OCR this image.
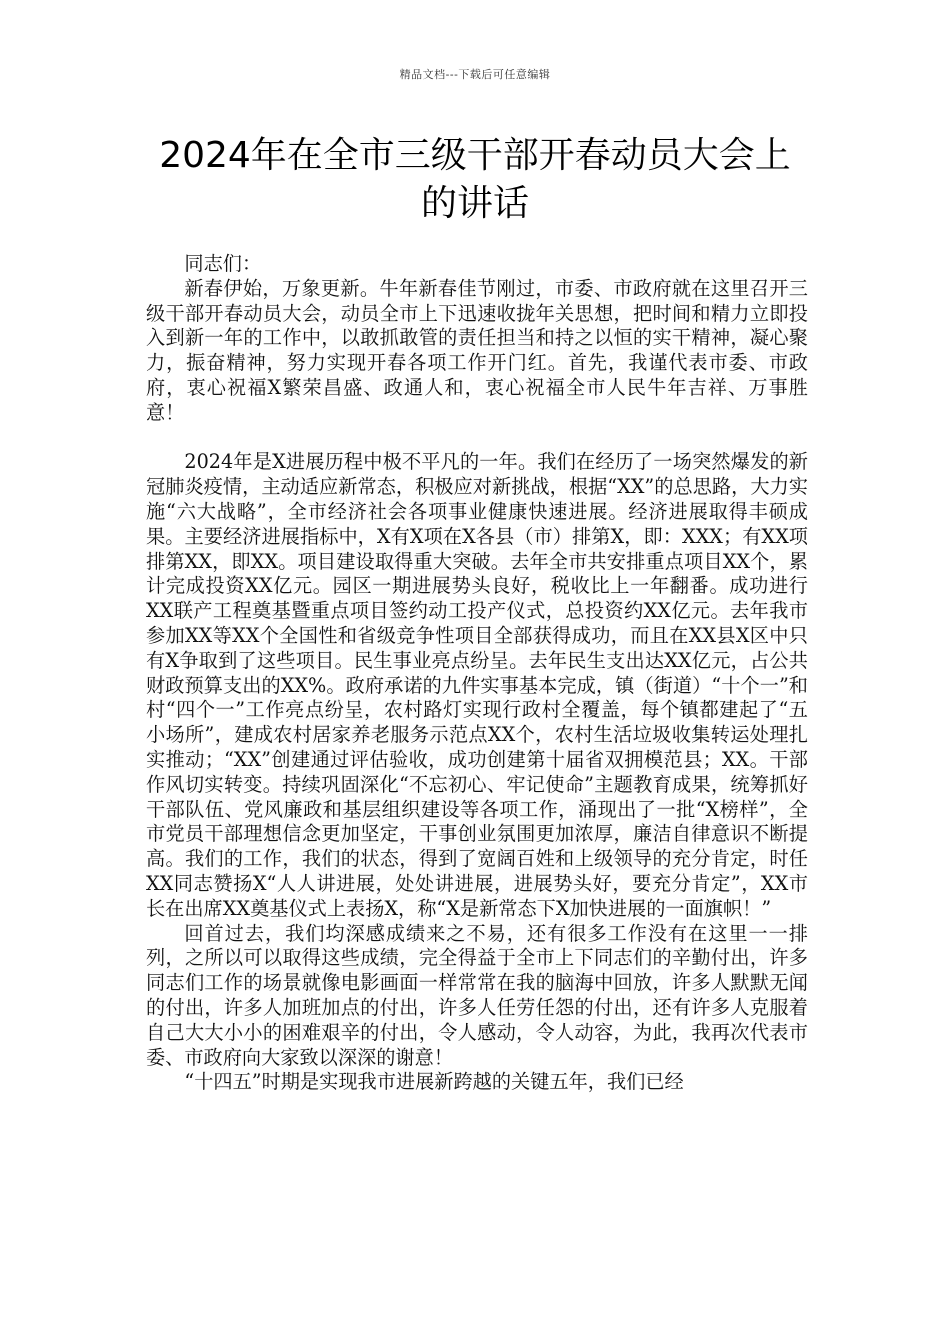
精品文档---下载后可任意编辑
2024年在全市三级干部开春动员大会上
的讲话

同志们：

新春伊始，万象更新。牛年新春佳节刚过，市委、市政府就在这里召开三级干部开春动员大会，动员全市上下迅速收拢年关思想，把时间和精力立即投入到新一年的工作中，以敢抓敢管的责任担当和持之以恒的实干精神，凝心聚力，振奋精神，努力实现开春各项工作开门红。首先，我谨代表市委、市政府，衷心祝福X繁荣昌盛、政通人和，衷心祝福全市人民牛年吉祥、万事胜意！

2024年是X进展历程中极不平凡的一年。我们在经历了一场突然爆发的新冠肺炎疫情，主动适应新常态，积极应对新挑战，根据“XX”的总思路，大力实施“六大战略”，全市经济社会各项事业健康快速进展。经济进展取得丰硕成果。主要经济进展指标中，X有X项在X各县（市）排第X，即：XXX；有XX项排第XX，即XX。项目建设取得重大突破。去年全市共安排重点项目XX个，累计完成投资XX亿元。园区一期进展势头良好，税收比上一年翻番。成功进行XX联产工程奠基暨重点项目签约动工投产仪式，总投资约XX亿元。去年我市参加XX等XX个全国性和省级竞争性项目全部获得成功，而且在XX县X区中只有X争取到了这些项目。民生事业亮点纷呈。去年民生支出达XX亿元，占公共财政预算支出的XX%。政府承诺的九件实事基本完成，镇（街道）“十个一”和村“四个一”工作亮点纷呈，农村路灯实现行政村全覆盖，每个镇都建起了“五小场所”，建成农村居家养老服务示范点XX个，农村生活垃圾收集转运处理扎实推动；“XX”创建通过评估验收，成功创建第十届省双拥模范县；XX。干部作风切实转变。持续巩固深化“不忘初心、牢记使命”主题教育成果，统筹抓好干部队伍、党风廉政和基层组织建设等各项工作，涌现出了一批“X榜样”，全市党员干部理想信念更加坚定，干事创业氛围更加浓厚，廉洁自律意识不断提高。我们的工作，我们的状态，得到了宽阔百姓和上级领导的充分肯定，时任XX同志赞扬X“人人讲进展，处处讲进展，进展势头好，要充分肯定”，XX市长在出席XX奠基仪式上表扬X，称“X是新常态下X加快进展的一面旗帜！”

回首过去，我们均深感成绩来之不易，还有很多工作没有在这里一一排列，之所以可以取得这些成绩，完全得益于全市上下同志们的辛勤付出，许多同志们工作的场景就像电影画面一样常常在我的脑海中回放，许多人默默无闻的付出，许多人加班加点的付出，许多人任劳任怨的付出，还有许多人克服着自己大大小小的困难艰辛的付出，令人感动，令人动容，为此，我再次代表市委、市政府向大家致以深深的谢意！

“十四五”时期是实现我市进展新跨越的关键五年，我们已经
